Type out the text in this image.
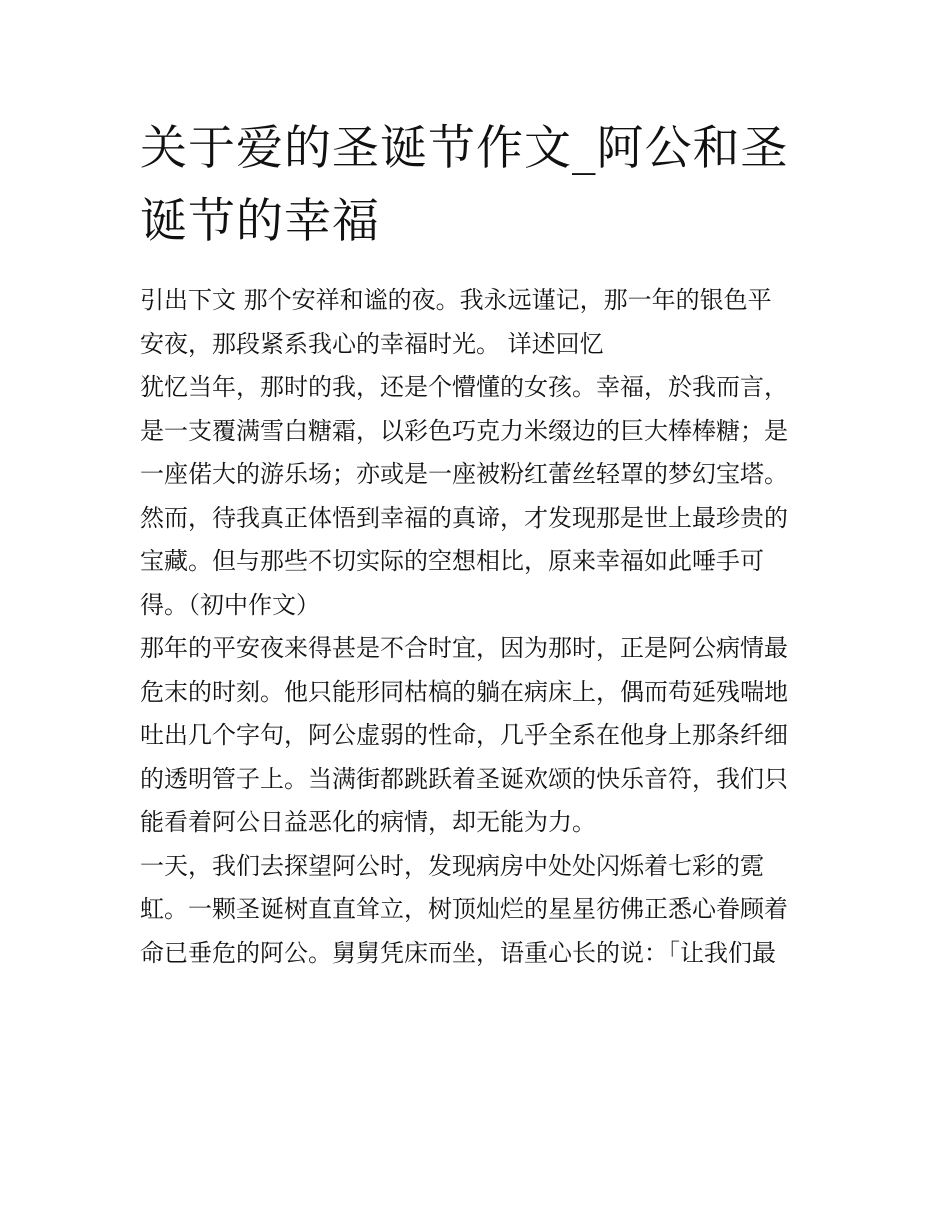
关于爱的圣诞节作文_阿公和圣
诞节的幸福
引出下文 那个安祥和谧的夜。我永远谨记，那一年的银色平
安夜，那段紧系我心的幸福时光。 详述回忆
犹忆当年，那时的我，还是个懵懂的女孩。幸福，於我而言，
是一支覆满雪白糖霜，以彩色巧克力米缀边的巨大棒棒糖；是
一座偌大的游乐场；亦或是一座被粉红蕾丝轻罩的梦幻宝塔。
然而，待我真正体悟到幸福的真谛，才发现那是世上最珍贵的
宝藏。但与那些不切实际的空想相比，原来幸福如此唾手可
得。（初中作文）
那年的平安夜来得甚是不合时宜，因为那时，正是阿公病情最
危末的时刻。他只能形同枯槁的躺在病床上，偶而苟延残喘地
吐出几个字句，阿公虚弱的性命，几乎全系在他身上那条纤细
的透明管子上。当满街都跳跃着圣诞欢颂的快乐音符，我们只
能看着阿公日益恶化的病情，却无能为力。
一天，我们去探望阿公时，发现病房中处处闪烁着七彩的霓
虹。一颗圣诞树直直耸立，树顶灿烂的星星彷佛正悉心眷顾着
命已垂危的阿公。舅舅凭床而坐，语重心长的说：「让我们最
